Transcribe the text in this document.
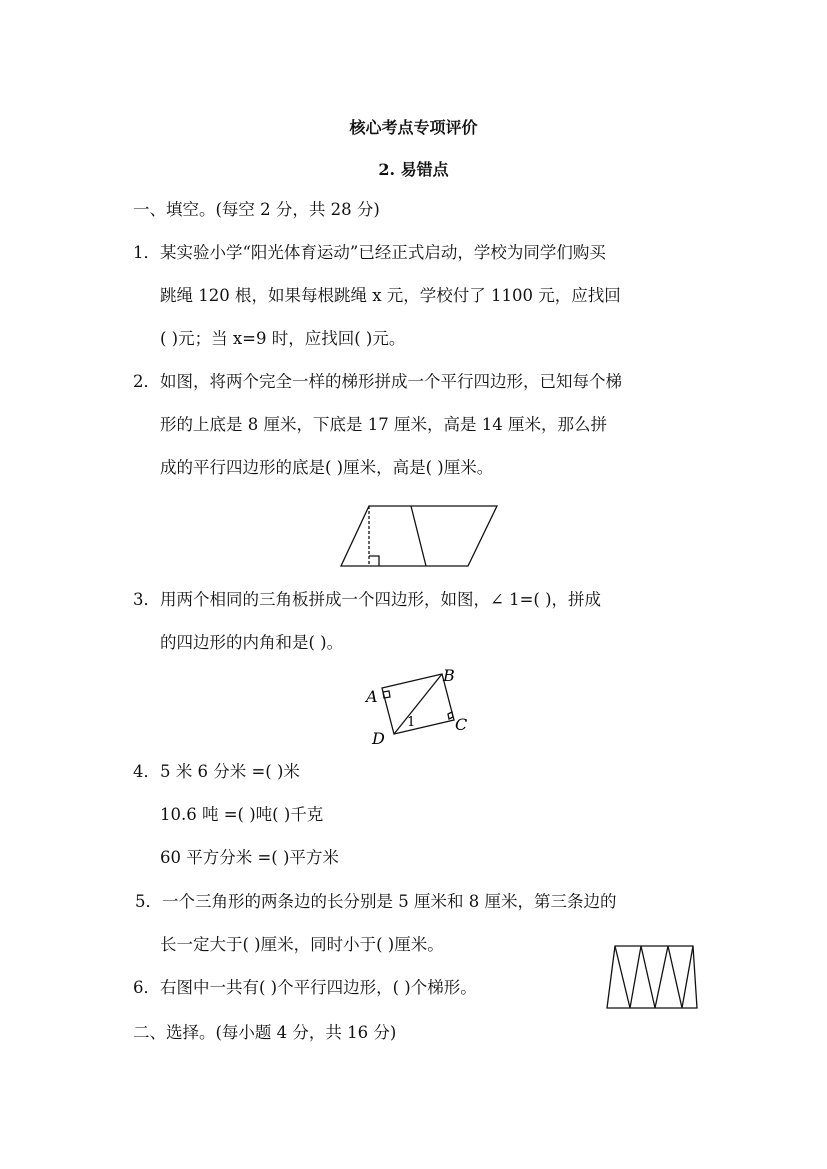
核心考点专项评价
2. 易错点
一、填空。(每空 2 分，共 28 分)
1．某实验小学“阳光体育运动”已经正式启动，学校为同学们购买
跳绳 120 根，如果每根跳绳 x 元，学校付了 1100 元，应找回
( )元；当 x=9 时，应找回( )元。
2．如图，将两个完全一样的梯形拼成一个平行四边形，已知每个梯
形的上底是 8 厘米，下底是 17 厘米，高是 14 厘米，那么拼
成的平行四边形的底是( )厘米，高是( )厘米。
3．用两个相同的三角板拼成一个四边形，如图，∠ 1=( )，拼成
的四边形的内角和是( )。
A
B
C
D
1
4．5 米 6 分米 =( )米
10.6 吨 =( )吨( )千克
60 平方分米 =( )平方米
5．一个三角形的两条边的长分别是 5 厘米和 8 厘米，第三条边的
长一定大于( )厘米，同时小于( )厘米。
6．右图中一共有( )个平行四边形，( )个梯形。
二、选择。(每小题 4 分，共 16 分)
